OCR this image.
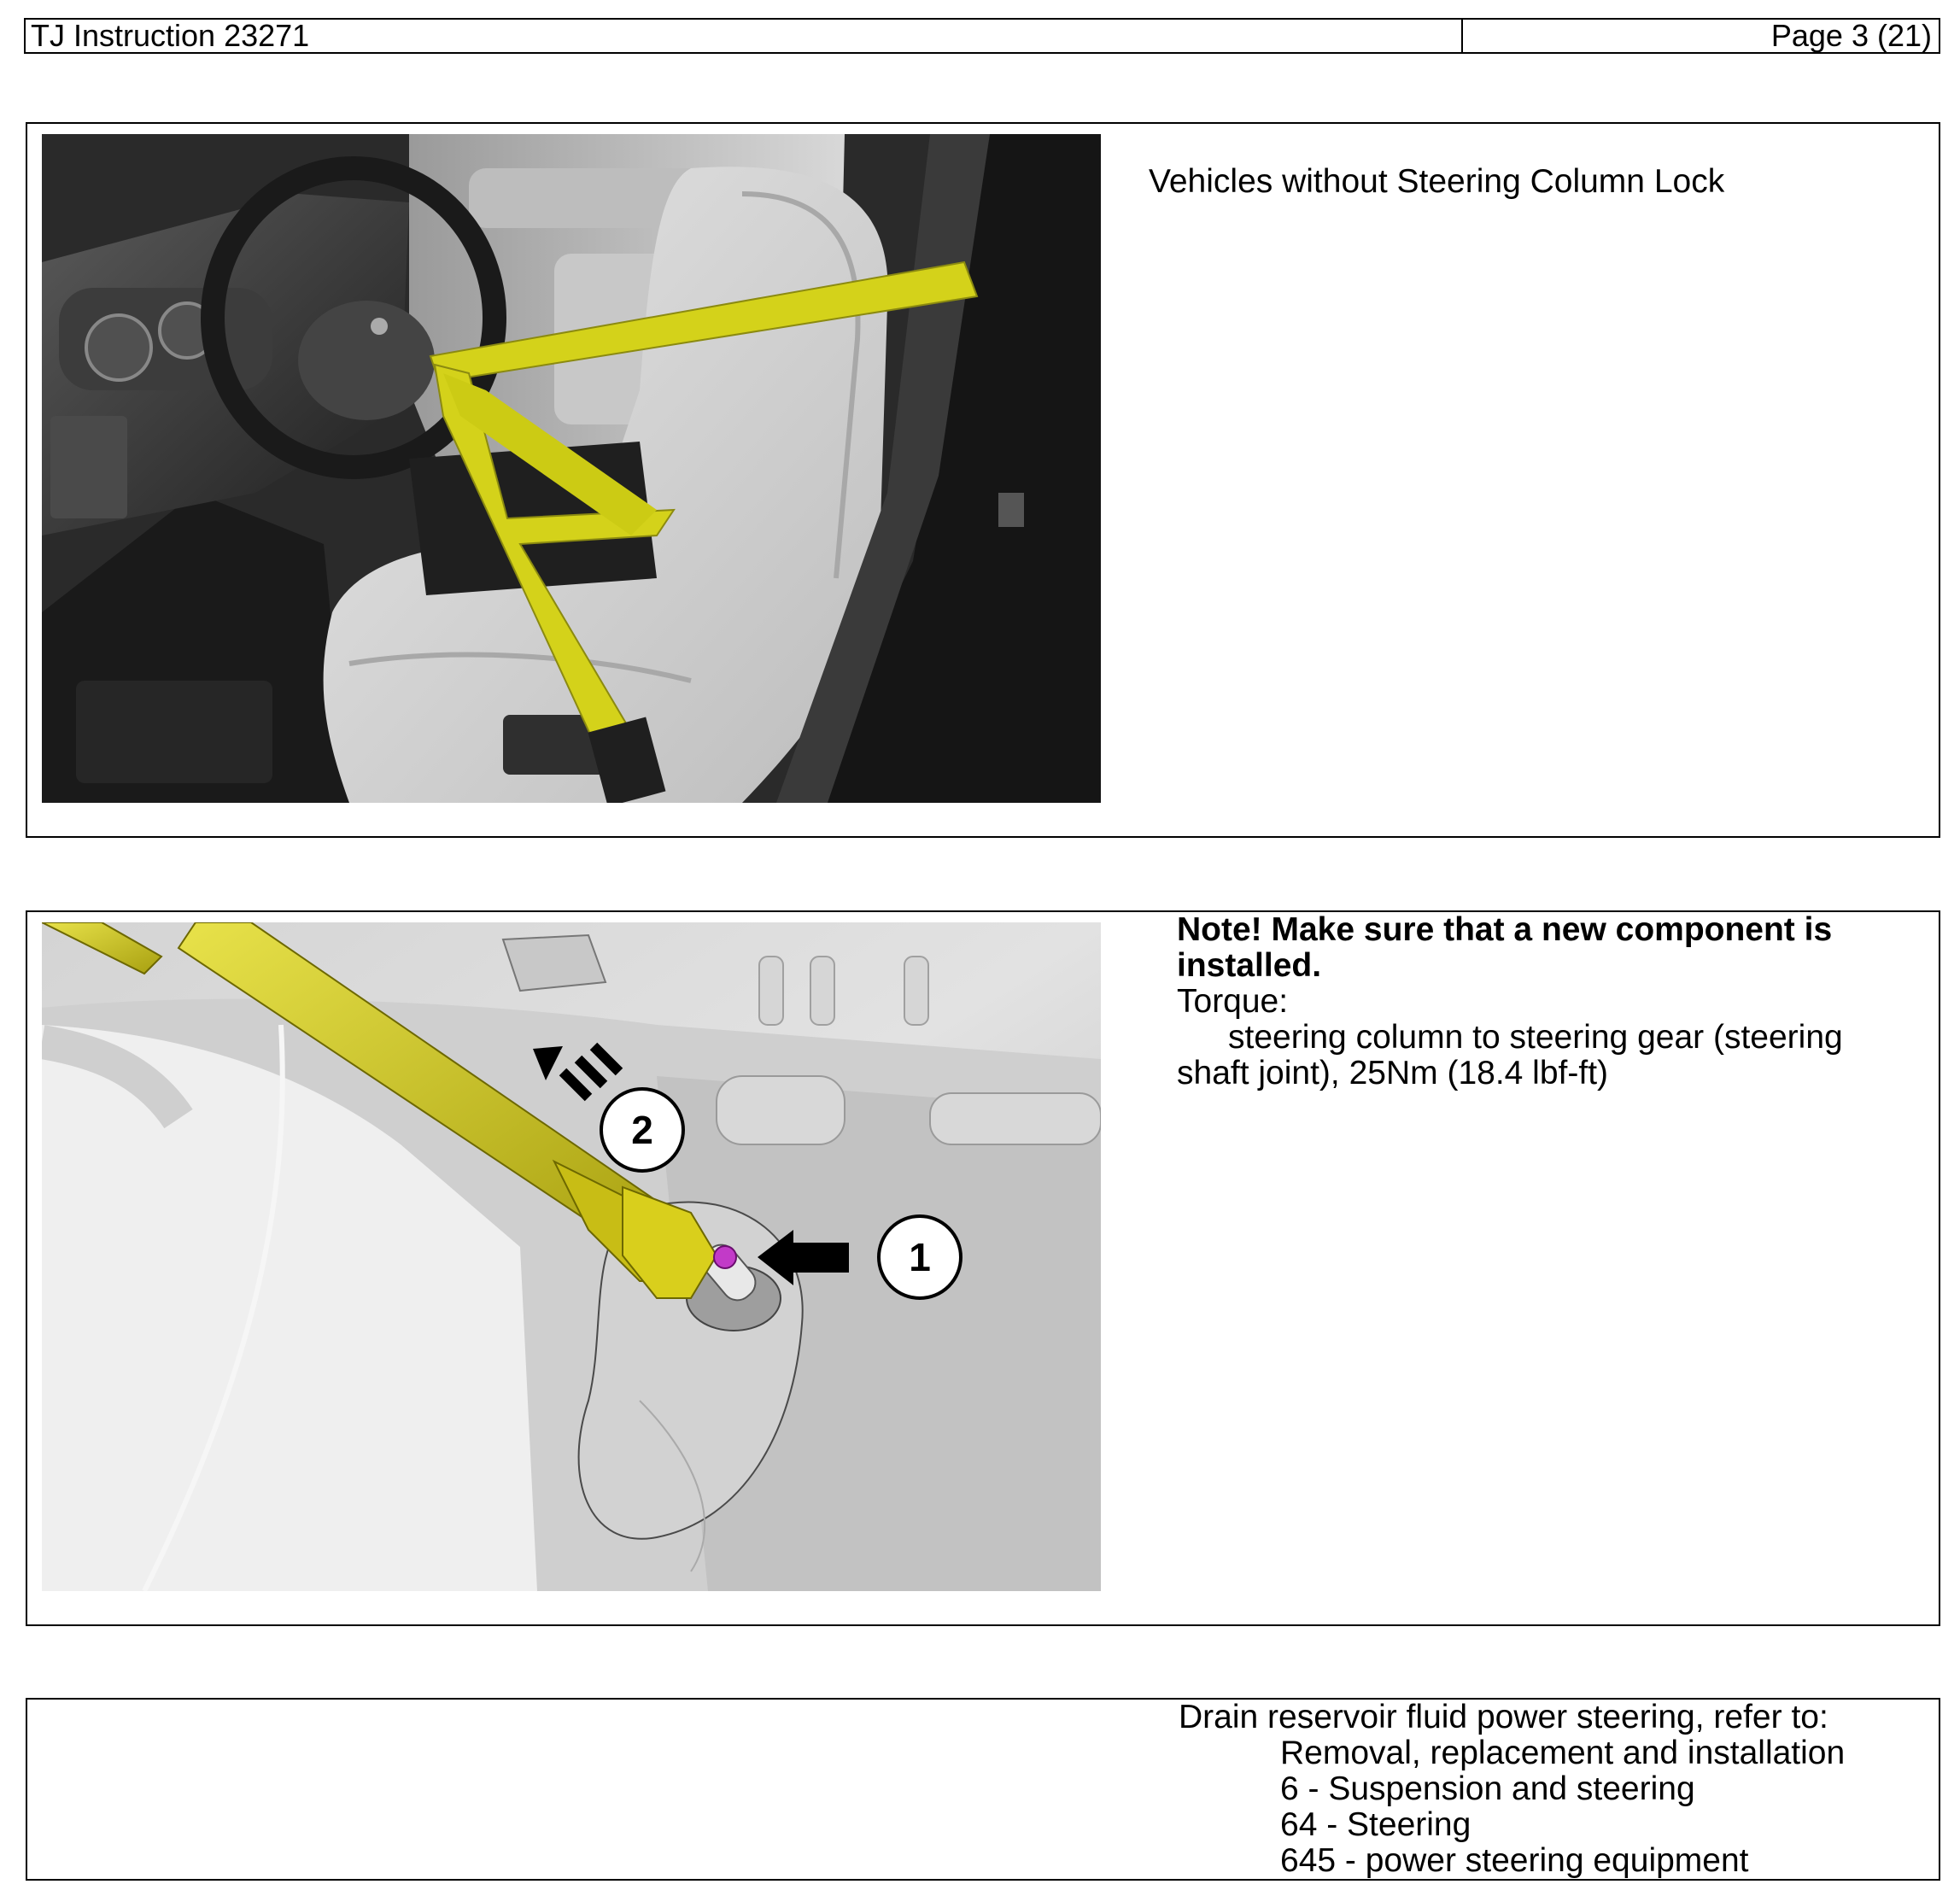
TJ Instruction 23271	Page 3 (21)
Vehicles without Steering Column Lock
1
2
Note! Make sure that a new component is
installed.
Torque:
steering column to steering gear (steering
shaft joint), 25Nm (18.4 lbf-ft)
Drain reservoir fluid power steering, refer to:
Removal, replacement and installation
6 - Suspension and steering
64 - Steering
645 - power steering equipment
